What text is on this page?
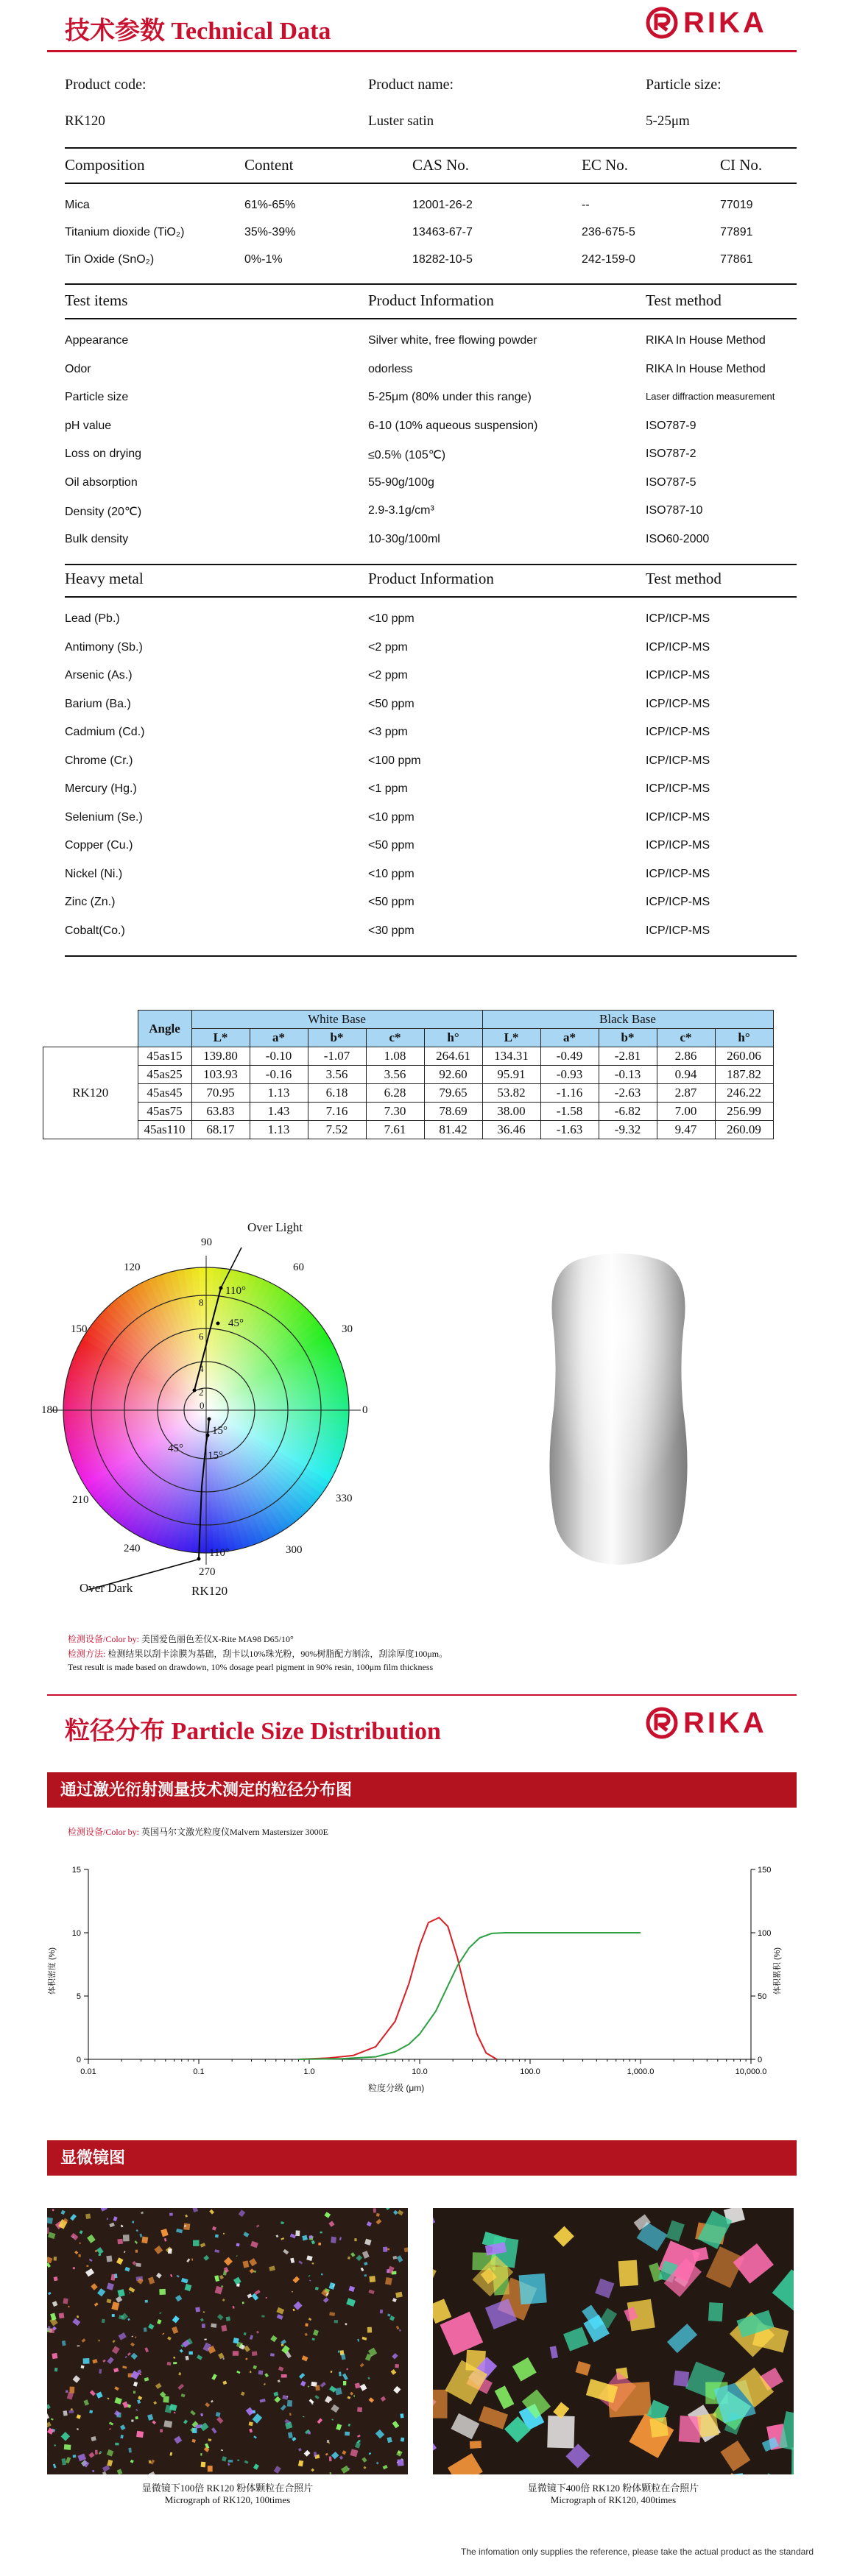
技术参数 Technical Data	RIKA
Product code:	Product name:	Particle size:
RK120	Luster satin	5-25μm
Composition	Content	CAS No.	EC No.	CI No.
Mica	61%-65%	12001-26-2	--	77019
Titanium dioxide (TiO₂)	35%-39%	13463-67-7	236-675-5	77891
Tin Oxide (SnO₂)	0%-1%	18282-10-5	242-159-0	77861
Test items	Product Information	Test method
Appearance	Silver white, free flowing powder	RIKA In House Method
Odor	odorless	RIKA In House Method
Particle size	5-25μm (80% under this range)	Laser diffraction measurement
pH value	6-10 (10% aqueous suspension)	ISO787-9
Loss on drying	≤0.5% (105℃)	ISO787-2
Oil absorption	55-90g/100g	ISO787-5
Density (20℃)	2.9-3.1g/cm³	ISO787-10
Bulk density	10-30g/100ml	ISO60-2000
Heavy metal	Product Information	Test method
Lead (Pb.)	<10 ppm	ICP/ICP-MS
Antimony (Sb.)	<2 ppm	ICP/ICP-MS
Arsenic (As.)	<2 ppm	ICP/ICP-MS
Barium (Ba.)	<50 ppm	ICP/ICP-MS
Cadmium (Cd.)	<3 ppm	ICP/ICP-MS
Chrome (Cr.)	<100 ppm	ICP/ICP-MS
Mercury (Hg.)	<1 ppm	ICP/ICP-MS
Selenium (Se.)	<10 ppm	ICP/ICP-MS
Copper (Cu.)	<50 ppm	ICP/ICP-MS
Nickel (Ni.)	<10 ppm	ICP/ICP-MS
Zinc (Zn.)	<50 ppm	ICP/ICP-MS
Cobalt(Co.)	<30 ppm	ICP/ICP-MS
	Angle	White Base					Black Base				
		L*	a*	b*	c*	h°	L*	a*	b*	c*	h°
RK120	45as15	139.80	-0.10	-1.07	1.08	264.61	134.31	-0.49	-2.81	2.86	260.06
	45as25	103.93	-0.16	3.56	3.56	92.60	95.91	-0.93	-0.13	0.94	187.82
	45as45	70.95	1.13	6.18	6.28	79.65	53.82	-1.16	-2.63	2.87	246.22
	45as75	63.83	1.43	7.16	7.30	78.69	38.00	-1.58	-6.82	7.00	256.99
	45as110	68.17	1.13	7.52	7.61	81.42	36.46	-1.63	-9.32	9.47	260.09
90
60
30
0
330
300
270
240
210
180
150
120
8
6
4
2
0
110°
45°
15°
45°
15°
110°
Over Light
Over Dark	RK120
检测设备/Color by: 美国爱色丽色差仪X-Rite MA98 D65/10°
检测方法: 检测结果以刮卡涂膜为基础，刮卡以10%珠光粉，90%树脂配方制涂，刮涂厚度100μm。
Test result is made based on drawdown, 10% dosage pearl pigment in 90% resin, 100μm film thickness
粒径分布 Particle Size Distribution	RIKA
通过激光衍射测量技术测定的粒径分布图
检测设备/Color by: 英国马尔文激光粒度仪Malvern Mastersizer 3000E
15
10
5
0
150
100
50
0
0.01	0.1	1.0	10.0	100.0	1,000.0	10,000.0
体积密度 (%)	体积累积 (%)
粒度分级 (μm)
显微镜图
显微镜下100倍 RK120 粉体颗粒在合照片
Micrograph of RK120, 100times
显微镜下400倍 RK120 粉体颗粒在合照片
Micrograph of RK120, 400times
The infomation only supplies the reference, please take the actual product as the standard
